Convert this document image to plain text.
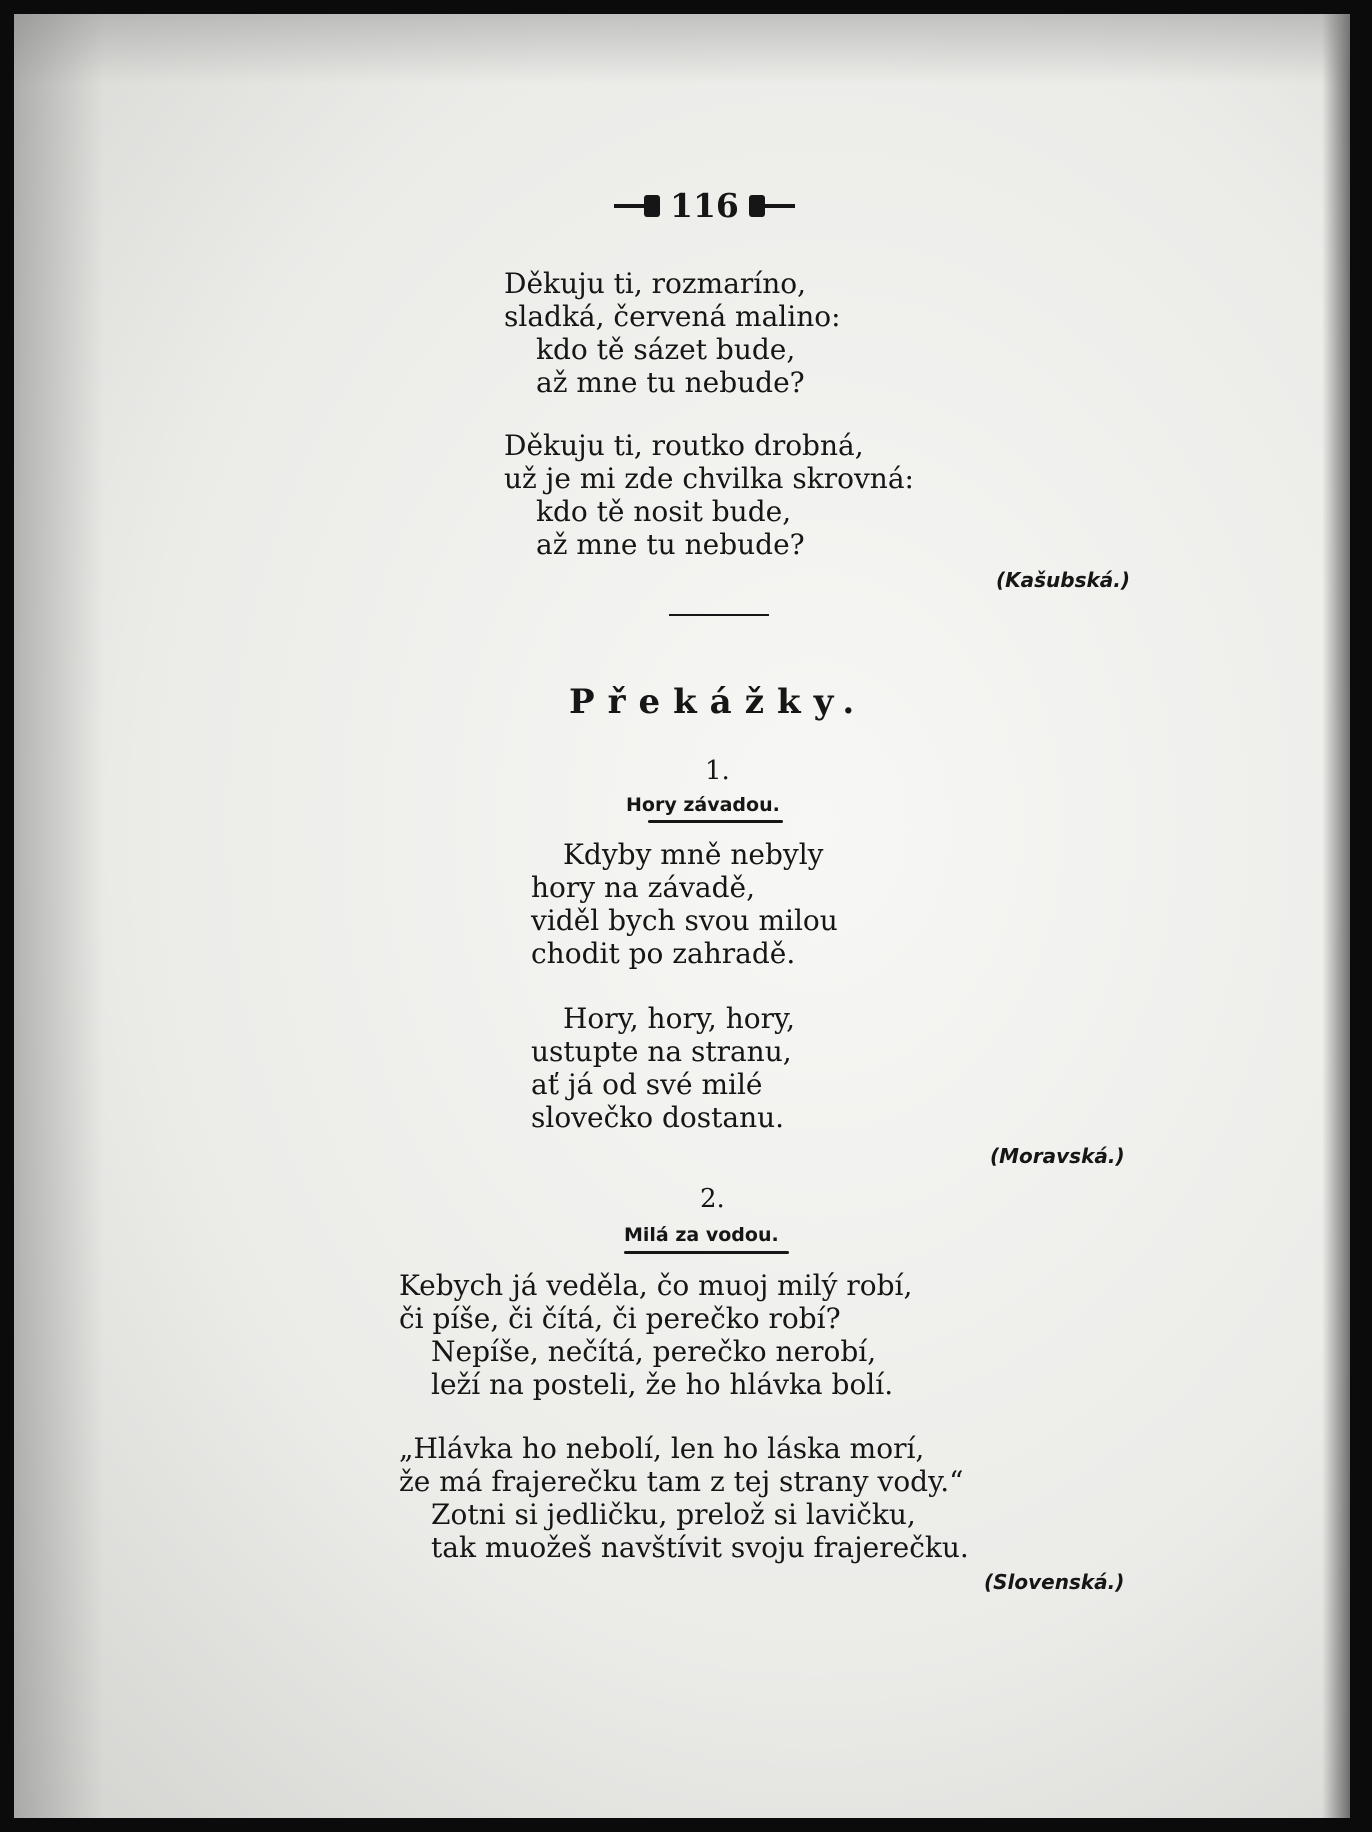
116
Děkuju ti, rozmaríno,
sladká, červená malino:
kdo tě sázet bude,
až mne tu nebude?
Děkuju ti, routko drobná,
už je mi zde chvilka skrovná:
kdo tě nosit bude,
až mne tu nebude?
(Kašubská.)
Překážky.
1.
Hory závadou.
Kdyby mně nebyly
hory na závadě,
viděl bych svou milou
chodit po zahradě.
Hory, hory, hory,
ustupte na stranu,
ať já od své milé
slovečko dostanu.
(Moravská.)
2.
Milá za vodou.
Kebych já veděla, čo muoj milý robí,
či píše, či čítá, či perečko robí?
Nepíše, nečítá, perečko nerobí,
leží na posteli, že ho hlávka bolí.
„Hlávka ho nebolí, len ho láska morí,
že má frajerečku tam z tej strany vody.“
Zotni si jedličku, prelož si lavičku,
tak muožeš navštívit svoju frajerečku.
(Slovenská.)
